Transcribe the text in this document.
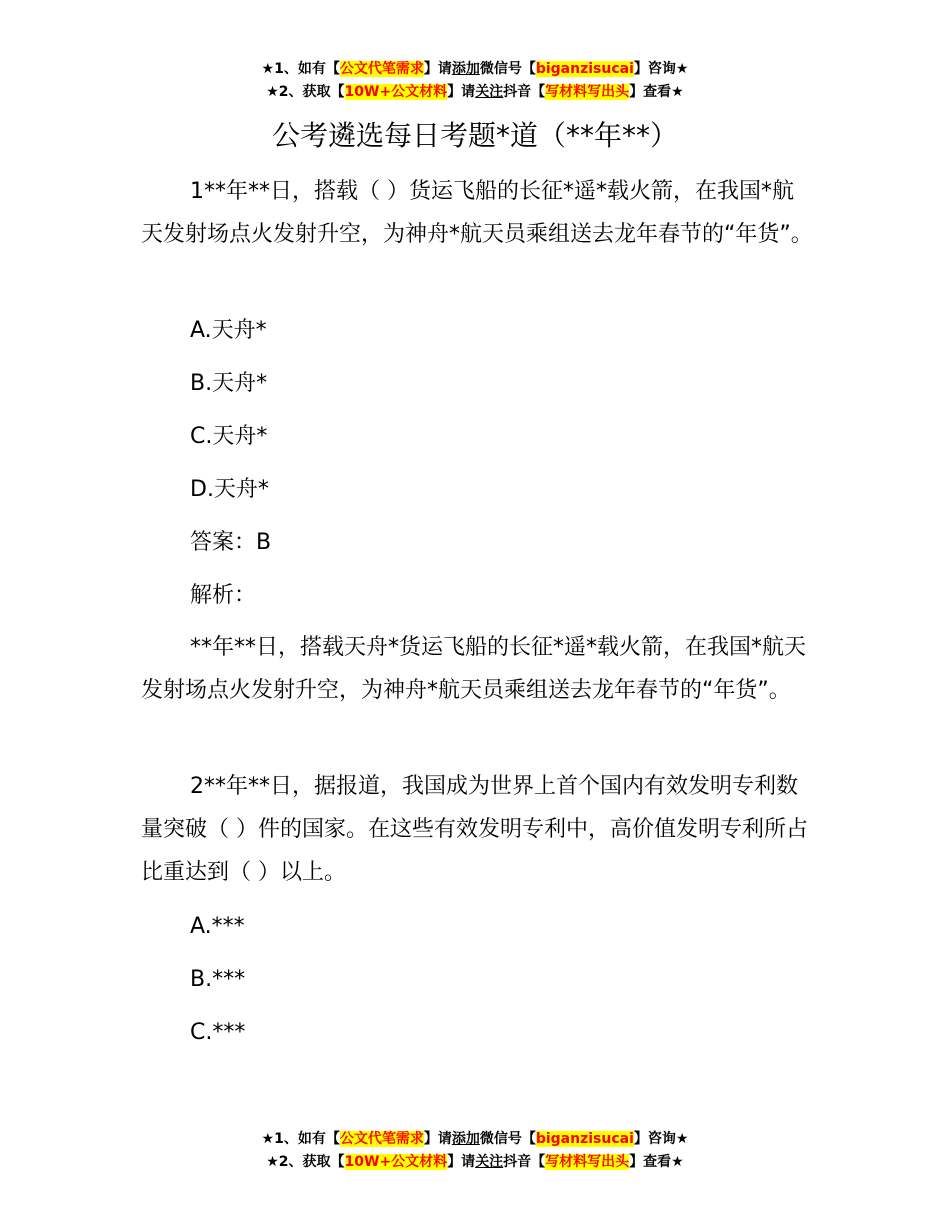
★1、如有【公文代笔需求】请添加微信号【biganzisucai】咨询★
★2、获取【10W+公文材料】请关注抖音【写材料写出头】查看★
公考遴选每日考题*道（**年**）

1**年**日，搭载（ ）货运飞船的长征*遥*载火箭，在我国*航天发射场点火发射升空，为神舟*航天员乘组送去龙年春节的“年货”。

A.天舟*
B.天舟*
C.天舟*
D.天舟*
答案：B
解析：

**年**日，搭载天舟*货运飞船的长征*遥*载火箭，在我国*航天发射场点火发射升空，为神舟*航天员乘组送去龙年春节的“年货”。

2**年**日，据报道，我国成为世界上首个国内有效发明专利数量突破（ ）件的国家。在这些有效发明专利中，高价值发明专利所占比重达到（ ）以上。

A.***
B.***
C.***
★1、如有【公文代笔需求】请添加微信号【biganzisucai】咨询★
★2、获取【10W+公文材料】请关注抖音【写材料写出头】查看★
